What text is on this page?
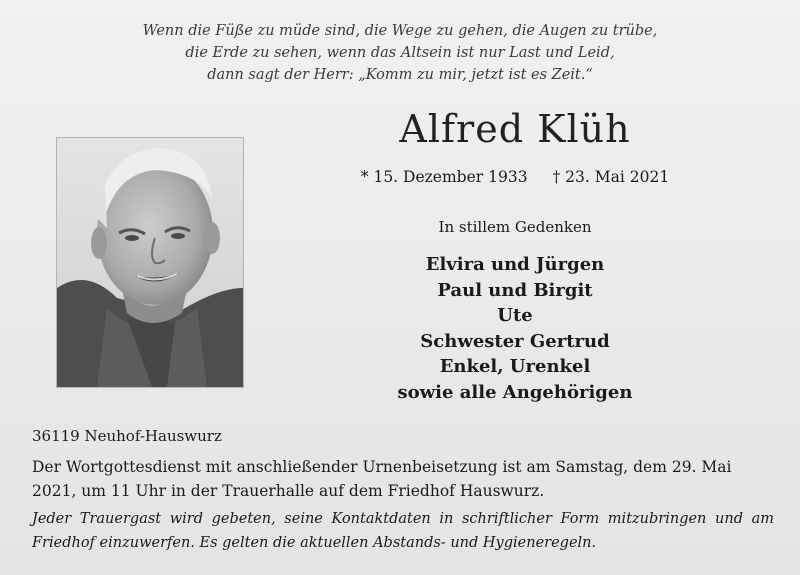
Wenn die Füße zu müde sind, die Wege zu gehen, die Augen zu trübe,
die Erde zu sehen, wenn das Altsein ist nur Last und Leid,
dann sagt der Herr: „Komm zu mir, jetzt ist es Zeit.“
Alfred Klüh
* 15. Dezember 1933 † 23. Mai 2021
In stillem Gedenken
Elvira und Jürgen
Paul und Birgit
Ute
Schwester Gertrud
Enkel, Urenkel
sowie alle Angehörigen
36119 Neuhof-Hauswurz
Der Wortgottesdienst mit anschließender Urnenbeisetzung ist am Samstag, dem 29. Mai 2021, um 11 Uhr in der Trauerhalle auf dem Friedhof Hauswurz.
Jeder Trauergast wird gebeten, seine Kontaktdaten in schriftlicher Form mitzubringen und am Friedhof einzuwerfen. Es gelten die aktuellen Abstands- und Hygieneregeln.
